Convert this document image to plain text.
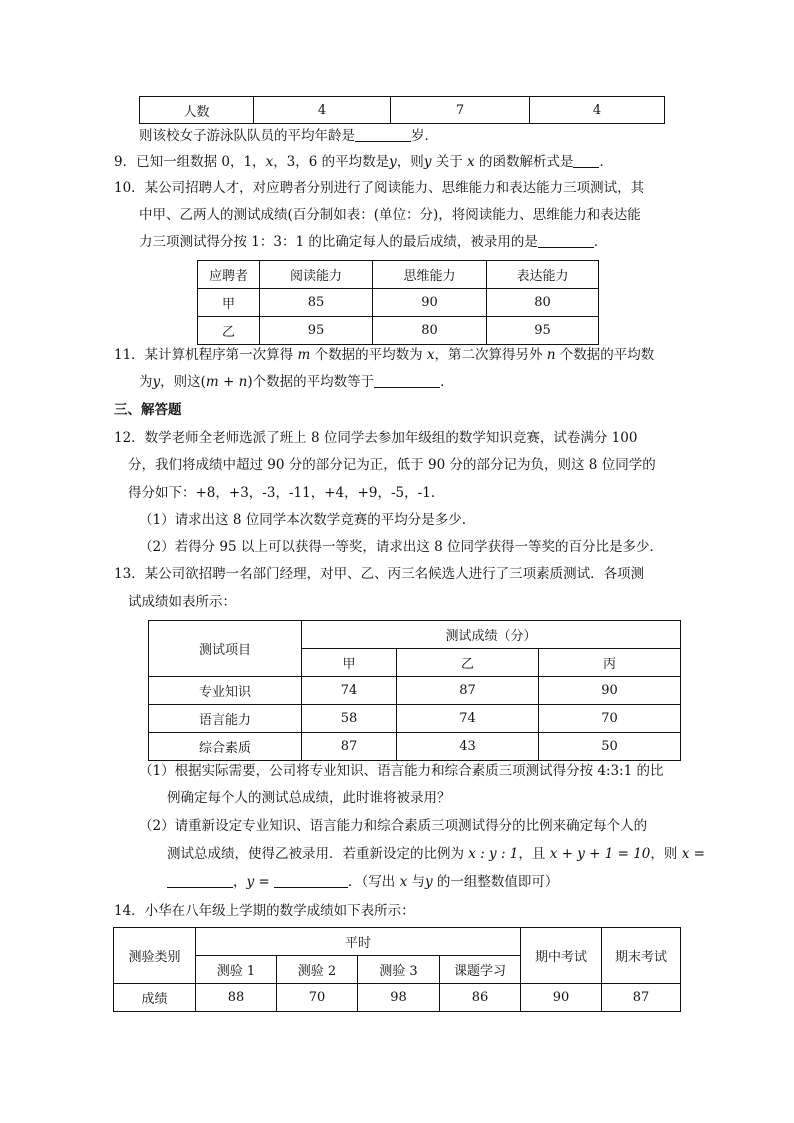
人数	4	7	4
则该校女子游泳队队员的平均年龄是	岁．
9．已知一组数据 0，1，x，3，6 的平均数是y，则y 关于 x 的函数解析式是 ．
10．某公司招聘人才，对应聘者分别进行了阅读能力、思维能力和表达能力三项测试，其
中甲、乙两人的测试成绩(百分制如表：(单位：分)，将阅读能力、思维能力和表达能
力三项测试得分按 1：3：1 的比确定每人的最后成绩，被录用的是	．
应聘者	阅读能力	思维能力	表达能力
甲	85	90	80
乙	95	80	95
11．某计算机程序第一次算得 m 个数据的平均数为 x，第二次算得另外 n 个数据的平均数
为y，则这(m + n)个数据的平均数等于	．
三、解答题
12．数学老师全老师选派了班上 8 位同学去参加年级组的数学知识竞赛，试卷满分 100
分，我们将成绩中超过 90 分的部分记为正，低于 90 分的部分记为负，则这 8 位同学的
得分如下：+8，+3，-3，-11，+4，+9，-5，-1.
（1）请求出这 8 位同学本次数学竞赛的平均分是多少.
（2）若得分 95 以上可以获得一等奖，请求出这 8 位同学获得一等奖的百分比是多少．
13．某公司欲招聘一名部门经理，对甲、乙、丙三名候选人进行了三项素质测试．各项测
试成绩如表所示：
测试项目	测试成绩（分）		
	甲	乙	丙
专业知识	74	87	90
语言能力	58	74	70
综合素质	87	43	50
（1）根据实际需要，公司将专业知识、语言能力和综合素质三项测试得分按 4:3:1 的比
例确定每个人的测试总成绩，此时谁将被录用？
（2）请重新设定专业知识、语言能力和综合素质三项测试得分的比例来确定每个人的
测试总成绩，使得乙被录用．若重新设定的比例为 x : y : 1，且 x + y + 1 = 10，则 x =
，y =	．（写出 x 与y 的一组整数值即可）
14．小华在八年级上学期的数学成绩如下表所示：
测验类别	平时				期中考试	期末考试
	测验 1	测验 2	测验 3	课题学习		
成绩	88	70	98	86	90	87
